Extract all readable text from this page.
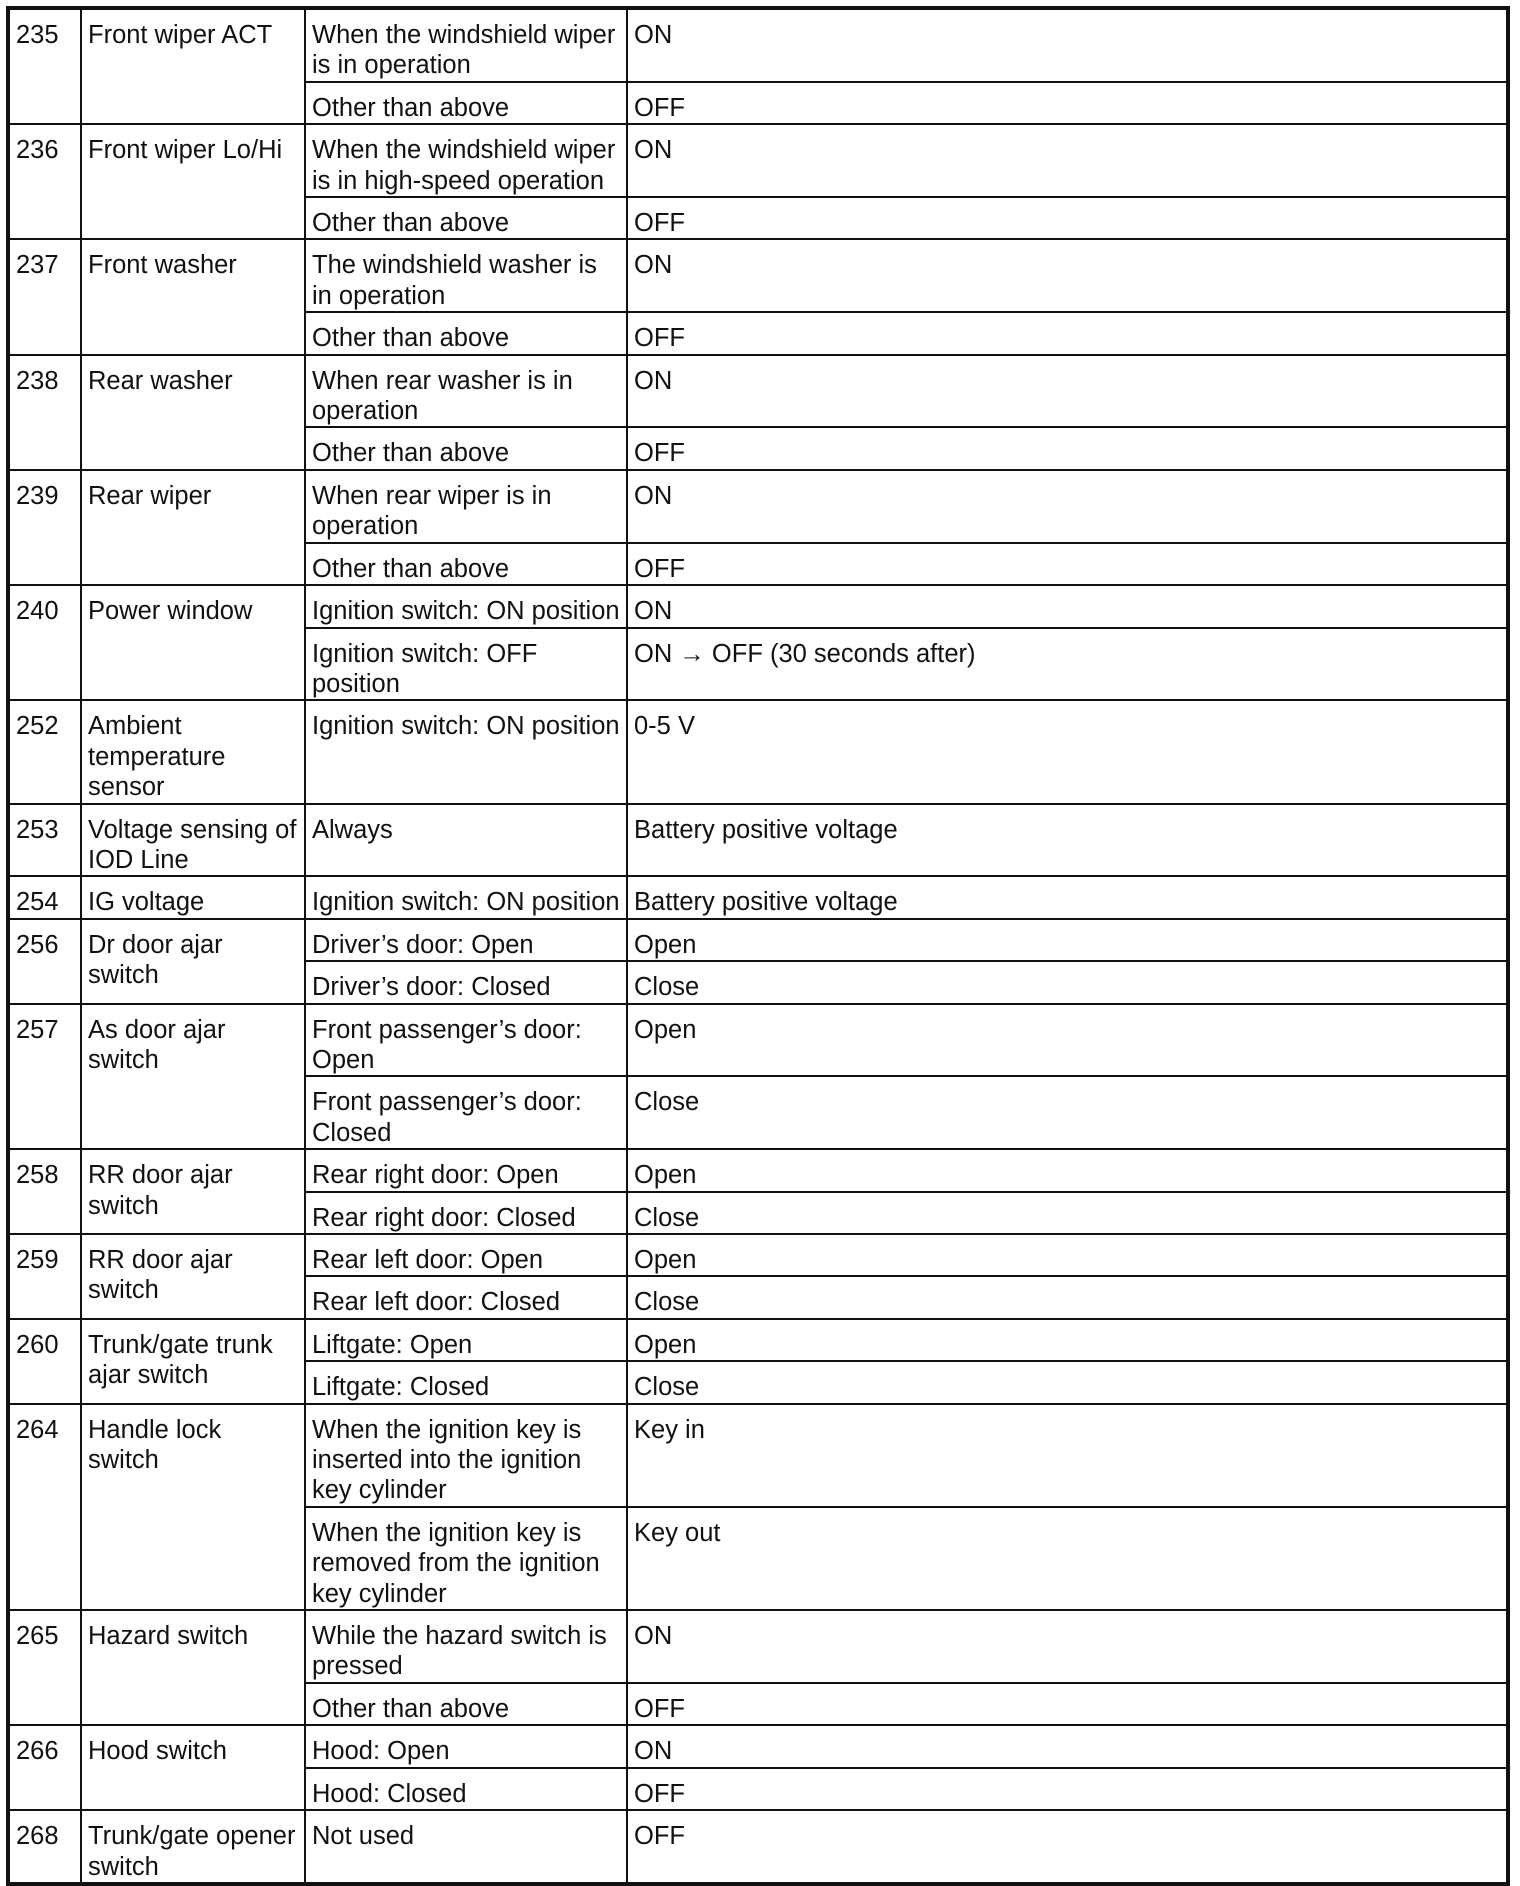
235	Front wiper ACT	When the windshield wiper is in operation	ON
		Other than above	OFF
236	Front wiper Lo/Hi	When the windshield wiper is in high-speed operation	ON
		Other than above	OFF
237	Front washer	The windshield washer is in operation	ON
		Other than above	OFF
238	Rear washer	When rear washer is in operation	ON
		Other than above	OFF
239	Rear wiper	When rear wiper is in operation	ON
		Other than above	OFF
240	Power window	Ignition switch: ON position	ON
		Ignition switch: OFF position	ON → OFF (30 seconds after)
252	Ambient temperature sensor	Ignition switch: ON position	0-5 V
253	Voltage sensing of IOD Line	Always	Battery positive voltage
254	IG voltage	Ignition switch: ON position	Battery positive voltage
256	Dr door ajar switch	Driver’s door: Open	Open
		Driver’s door: Closed	Close
257	As door ajar switch	Front passenger’s door: Open	Open
		Front passenger’s door: Closed	Close
258	RR door ajar switch	Rear right door: Open	Open
		Rear right door: Closed	Close
259	RR door ajar switch	Rear left door: Open	Open
		Rear left door: Closed	Close
260	Trunk/gate trunk ajar switch	Liftgate: Open	Open
		Liftgate: Closed	Close
264	Handle lock switch	When the ignition key is inserted into the ignition key cylinder	Key in
		When the ignition key is removed from the ignition key cylinder	Key out
265	Hazard switch	While the hazard switch is pressed	ON
		Other than above	OFF
266	Hood switch	Hood: Open	ON
		Hood: Closed	OFF
268	Trunk/gate opener switch	Not used	OFF
